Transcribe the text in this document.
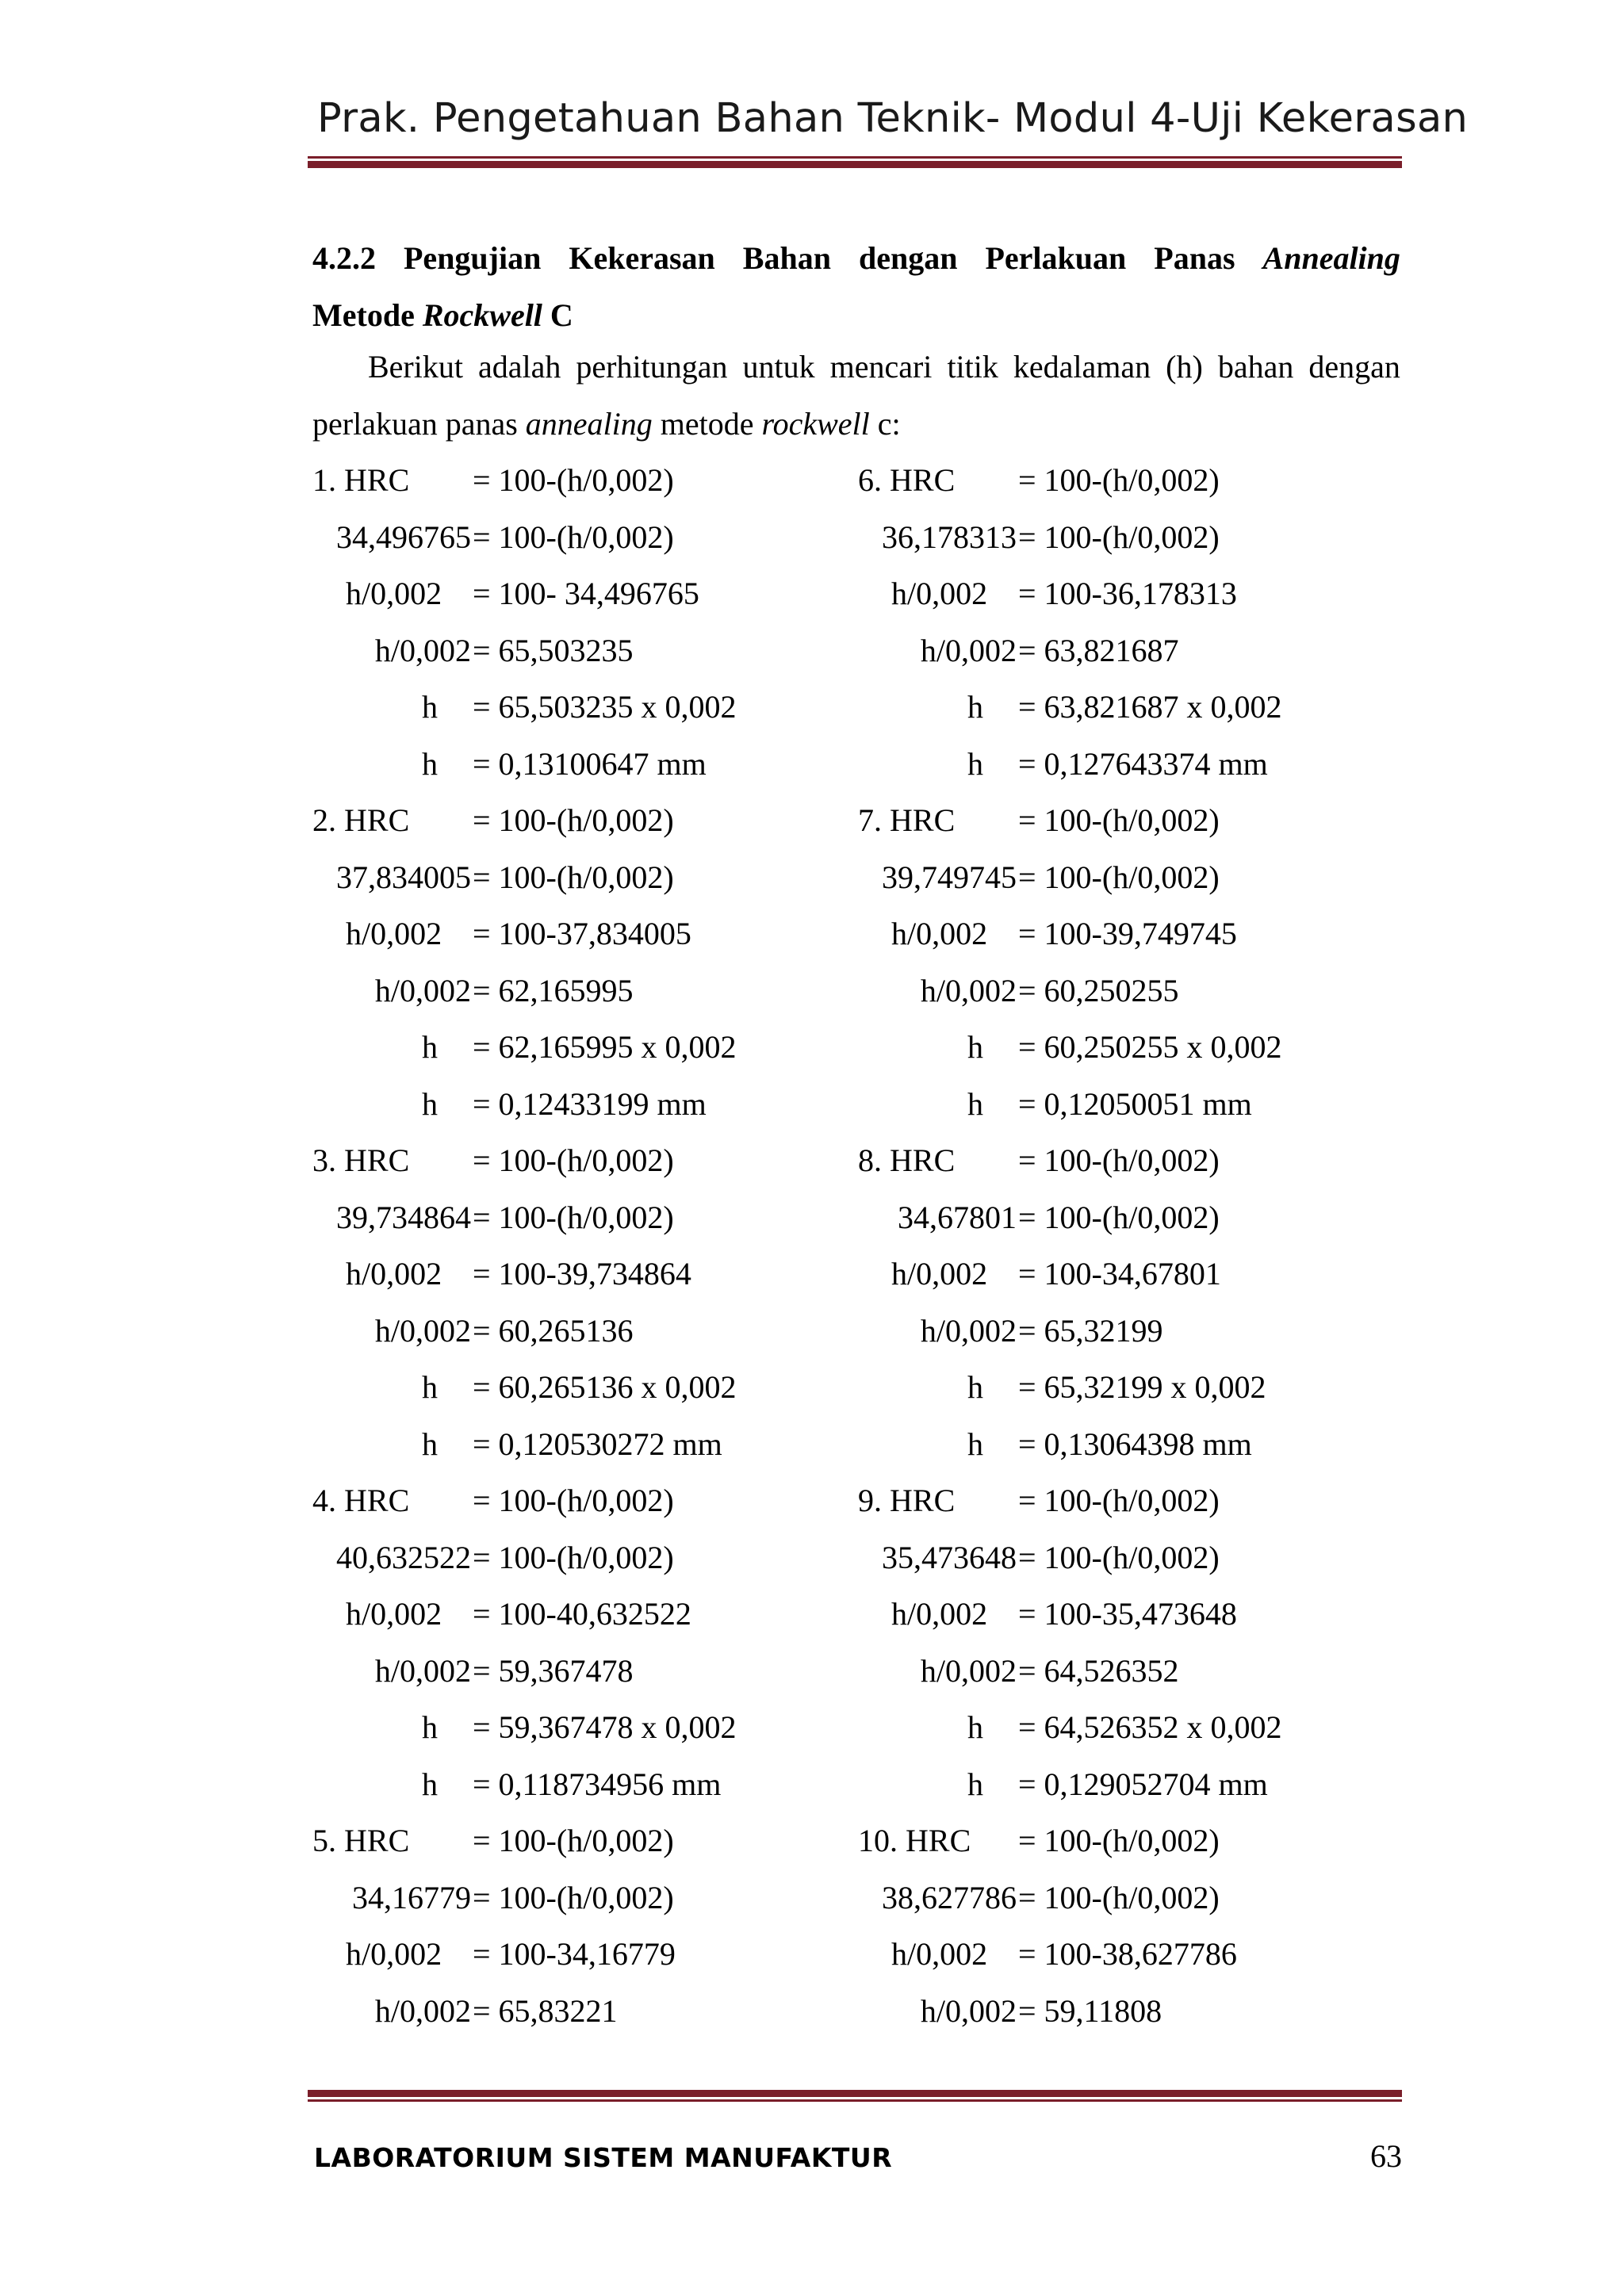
Prak. Pengetahuan Bahan Teknik- Modul 4-Uji Kekerasan
4.2.2 Pengujian Kekerasan Bahan dengan Perlakuan Panas Annealing
Metode Rockwell C
Berikut adalah perhitungan untuk mencari titik kedalaman (h) bahan dengan
perlakuan panas annealing metode rockwell c:
1. HRC = 100-(h/0,002)
34,496765 = 100-(h/0,002)
h/0,002 = 100- 34,496765
h/0,002 = 65,503235
h = 65,503235 x 0,002
h = 0,13100647 mm
2. HRC = 100-(h/0,002)
37,834005 = 100-(h/0,002)
h/0,002 = 100-37,834005
h/0,002 = 62,165995
h = 62,165995 x 0,002
h = 0,12433199 mm
3. HRC = 100-(h/0,002)
39,734864 = 100-(h/0,002)
h/0,002 = 100-39,734864
h/0,002 = 60,265136
h = 60,265136 x 0,002
h = 0,120530272 mm
4. HRC = 100-(h/0,002)
40,632522 = 100-(h/0,002)
h/0,002 = 100-40,632522
h/0,002 = 59,367478
h = 59,367478 x 0,002
h = 0,118734956 mm
5. HRC = 100-(h/0,002)
34,16779 = 100-(h/0,002)
h/0,002 = 100-34,16779
h/0,002 = 65,83221
6. HRC = 100-(h/0,002)
36,178313 = 100-(h/0,002)
h/0,002 = 100-36,178313
h/0,002 = 63,821687
h = 63,821687 x 0,002
h = 0,127643374 mm
7. HRC = 100-(h/0,002)
39,749745 = 100-(h/0,002)
h/0,002 = 100-39,749745
h/0,002 = 60,250255
h = 60,250255 x 0,002
h = 0,12050051 mm
8. HRC = 100-(h/0,002)
34,67801 = 100-(h/0,002)
h/0,002 = 100-34,67801
h/0,002 = 65,32199
h = 65,32199 x 0,002
h = 0,13064398 mm
9. HRC = 100-(h/0,002)
35,473648 = 100-(h/0,002)
h/0,002 = 100-35,473648
h/0,002 = 64,526352
h = 64,526352 x 0,002
h = 0,129052704 mm
10. HRC = 100-(h/0,002)
38,627786 = 100-(h/0,002)
h/0,002 = 100-38,627786
h/0,002 = 59,11808
LABORATORIUM SISTEM MANUFAKTUR	63
